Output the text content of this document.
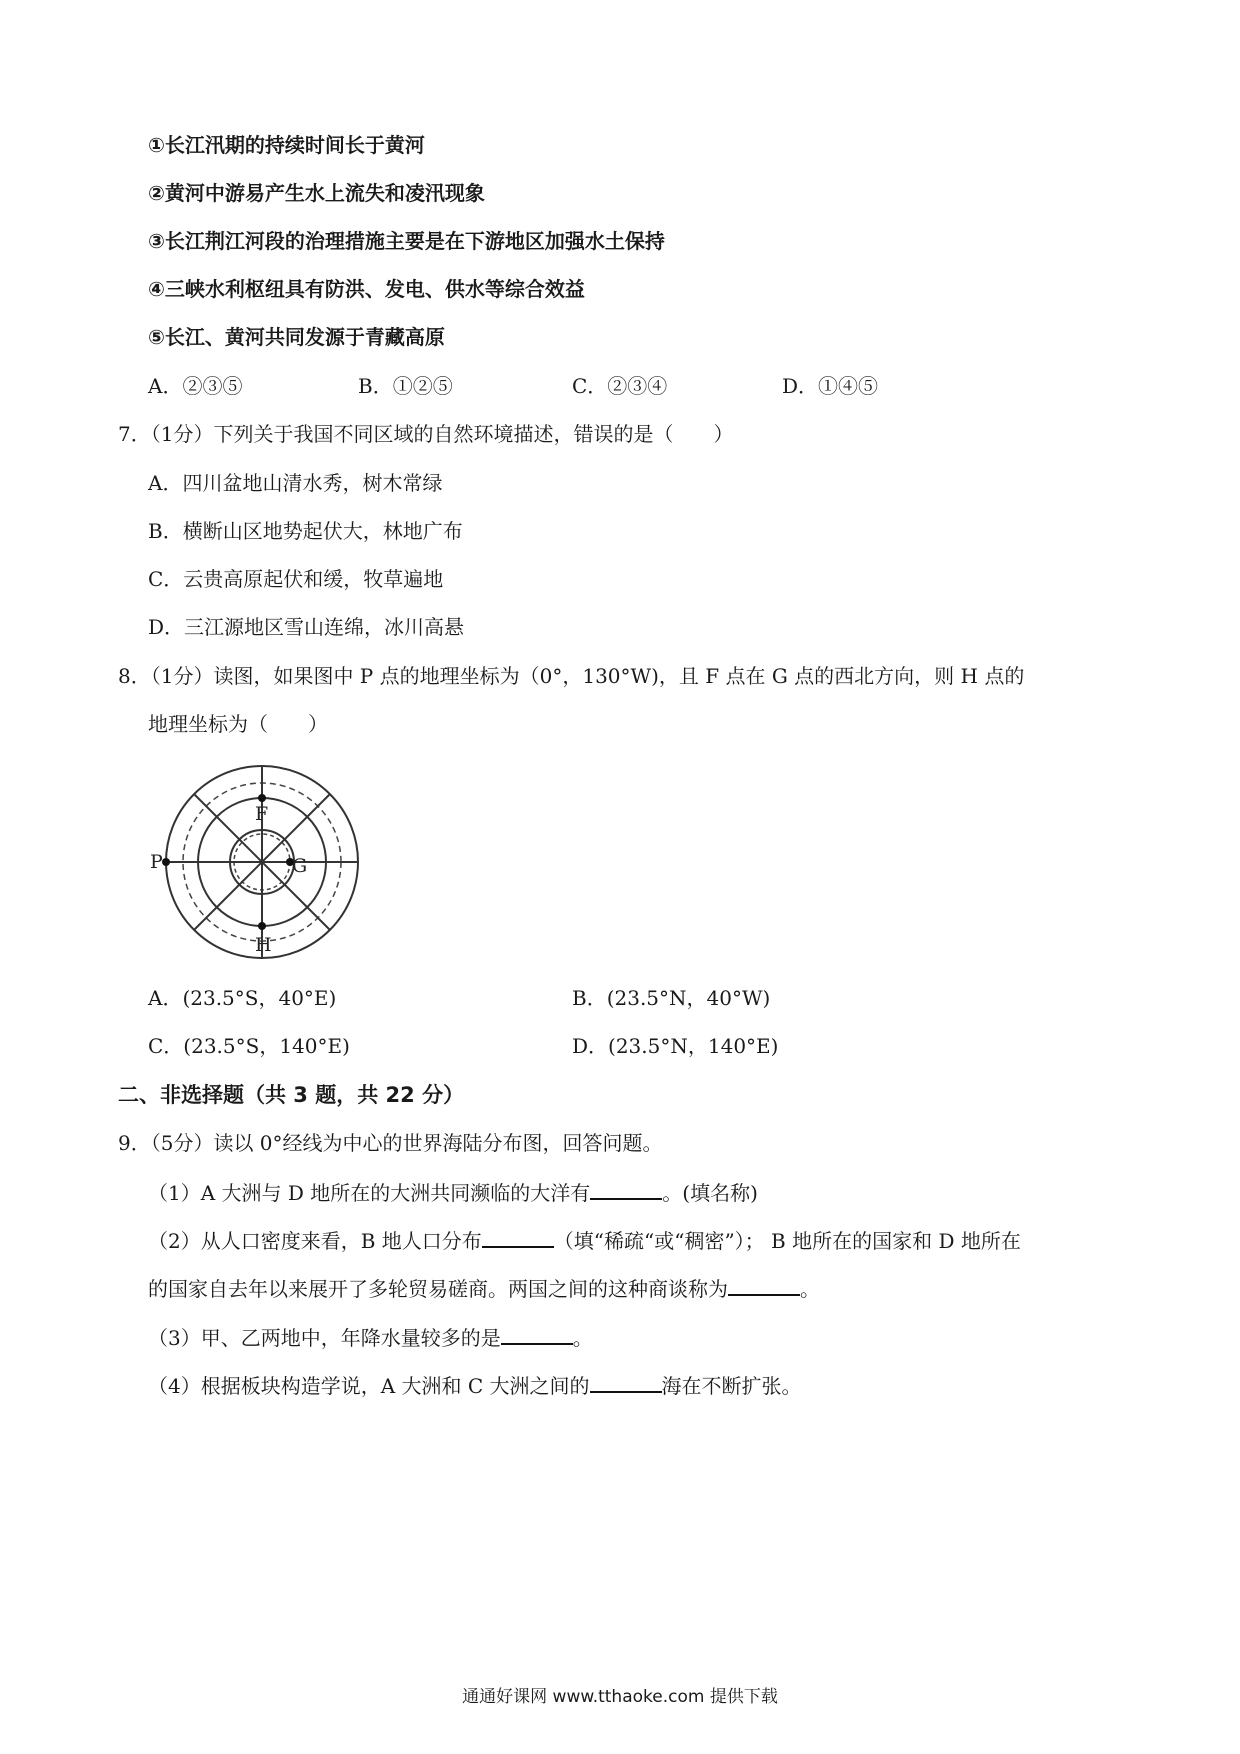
①长江汛期的持续时间长于黄河
②黄河中游易产生水上流失和凌汛现象
③长江荆江河段的治理措施主要是在下游地区加强水土保持
④三峡水利枢纽具有防洪、发电、供水等综合效益
⑤长江、黄河共同发源于青藏高原
A．②③⑤	B．①②⑤	C．②③④	D．①④⑤
7．（1分）下列关于我国不同区域的自然环境描述，错误的是（　　）
A．四川盆地山清水秀，树木常绿
B．横断山区地势起伏大，林地广布
C．云贵高原起伏和缓，牧草遍地
D．三江源地区雪山连绵，冰川高悬
8．（1分）读图，如果图中 P 点的地理坐标为（0°，130°W)，且 F 点在 G 点的西北方向，则 H 点的
地理坐标为（　　）
P
F
G
H
A．(23.5°S，40°E)	B．(23.5°N，40°W)
C．(23.5°S，140°E)	D．(23.5°N，140°E)
二、非选择题（共 3 题，共 22 分）
9．（5分）读以 0°经线为中心的世界海陆分布图，回答问题。
（1）A 大洲与 D 地所在的大洲共同濒临的大洋有	。(填名称)
（2）从人口密度来看，B 地人口分布	（填“稀疏“或“稠密”）； B 地所在的国家和 D 地所在
的国家自去年以来展开了多轮贸易磋商。两国之间的这种商谈称为	。
（3）甲、乙两地中，年降水量较多的是	。
（4）根据板块构造学说，A 大洲和 C 大洲之间的	海在不断扩张。
通通好课网 www.tthaoke.com 提供下载
